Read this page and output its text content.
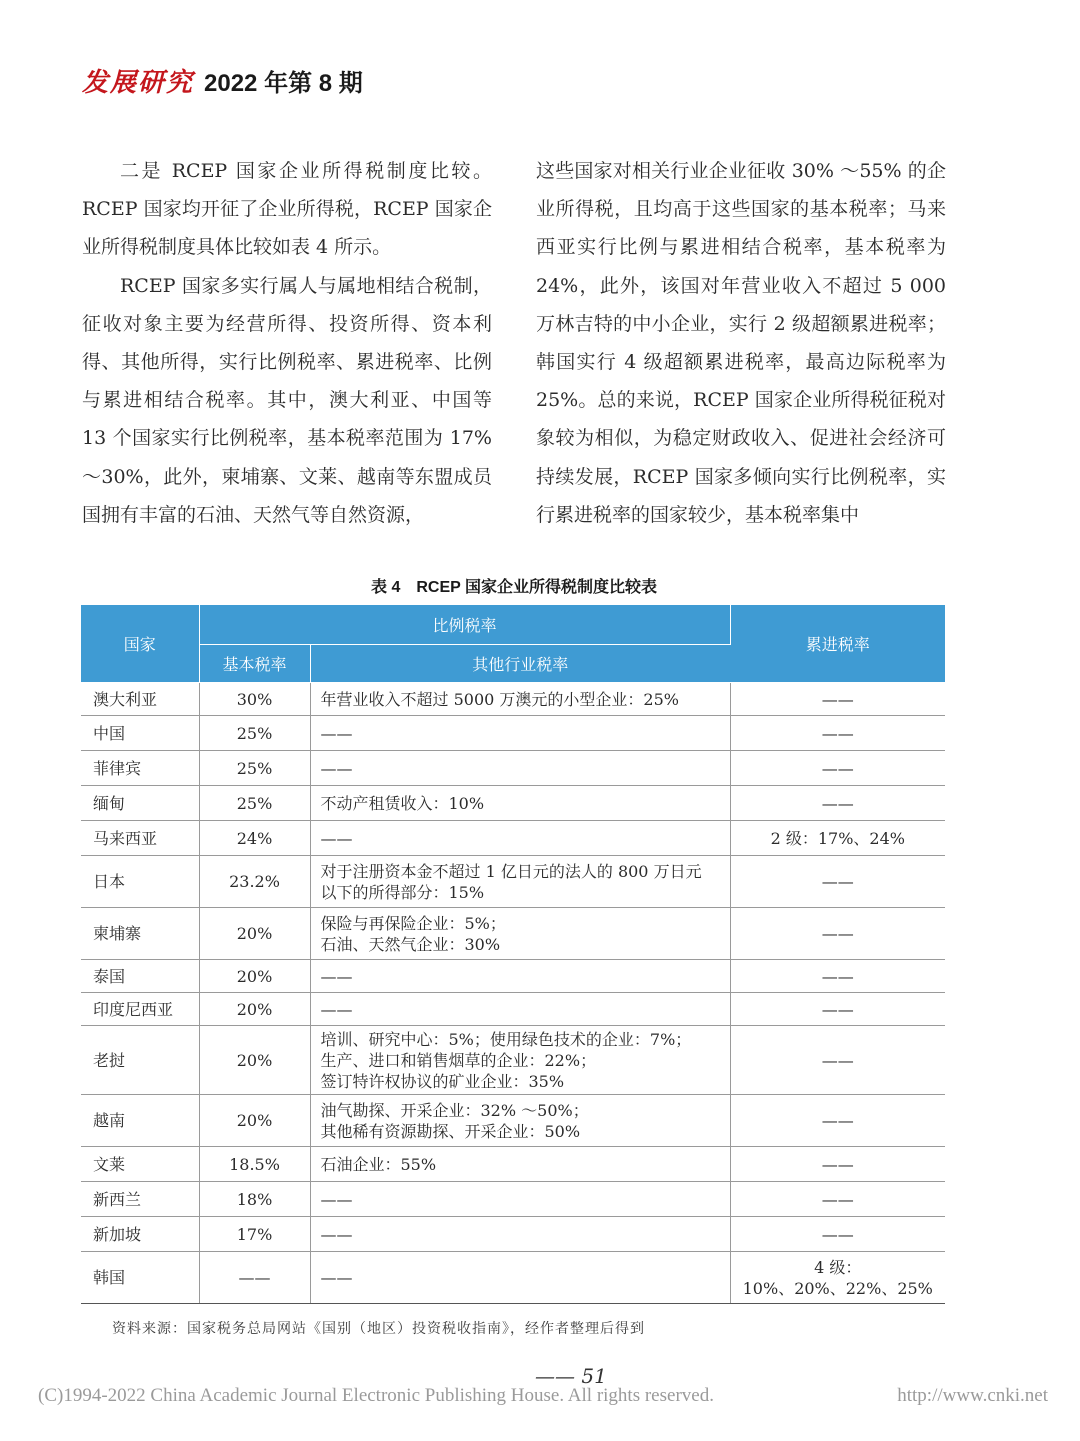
发展研究 2022 年第 8 期

二是 RCEP 国家企业所得税制度比较。RCEP 国家均开征了企业所得税，RCEP 国家企业所得税制度具体比较如表 4 所示。

RCEP 国家多实行属人与属地相结合税制，征收对象主要为经营所得、投资所得、资本利得、其他所得，实行比例税率、累进税率、比例与累进相结合税率。其中，澳大利亚、中国等 13 个国家实行比例税率，基本税率范围为 17% ～30%，此外，柬埔寨、文莱、越南等东盟成员国拥有丰富的石油、天然气等自然资源，

这些国家对相关行业企业征收 30% ～55% 的企业所得税，且均高于这些国家的基本税率；马来西亚实行比例与累进相结合税率，基本税率为 24%，此外，该国对年营业收入不超过 5 000 万林吉特的中小企业，实行 2 级超额累进税率；韩国实行 4 级超额累进税率，最高边际税率为 25%。总的来说，RCEP 国家企业所得税征税对象较为相似，为稳定财政收入、促进社会经济可持续发展，RCEP 国家多倾向实行比例税率，实行累进税率的国家较少，基本税率集中

表 4　RCEP 国家企业所得税制度比较表
国家	比例税率		累进税率
	基本税率	其他行业税率	
澳大利亚	30%	年营业收入不超过 5000 万澳元的小型企业：25%	——

中国	25%	——	——

菲律宾	25%	——	——

缅甸	25%	不动产租赁收入：10%	——

马来西亚	24%	——	2 级：17%、24%

日本	23.2%	对于注册资本金不超过 1 亿日元的法人的 800 万日元
以下的所得部分：15%	——

柬埔寨	20%	保险与再保险企业：5%；
石油、天然气企业：30%	——

泰国	20%	——	——

印度尼西亚	20%	——	——

老挝	20%	培训、研究中心：5%；使用绿色技术的企业：7%；
生产、进口和销售烟草的企业：22%；
签订特许权协议的矿业企业：35%	——

越南	20%	油气勘探、开采企业：32% ～50%；
其他稀有资源勘探、开采企业：50%	——

文莱	18.5%	石油企业：55%	——

新西兰	18%	——	——

新加坡	17%	——	——

韩国	——	——	4 级：
10%、20%、22%、25%
资料来源：国家税务总局网站《国别（地区）投资税收指南》，经作者整理后得到
—— 51
(C)1994-2022 China Academic Journal Electronic Publishing House. All rights reserved.	http://www.cnki.net
